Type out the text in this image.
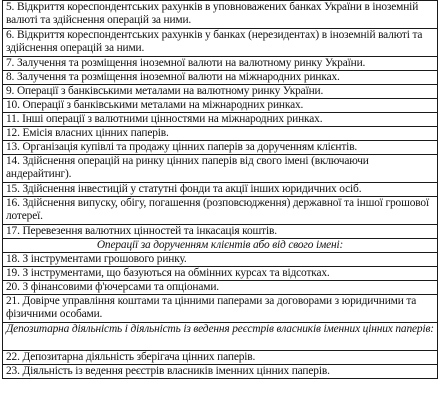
5. Відкриття кореспондентських рахунків в уповноважених банках України в іноземній валюті та здійснення операцій за ними.
6. Відкриття кореспондентських рахунків у банках (нерезидентах) в іноземній валюті та здійснення операцій за ними.
7. Залучення та розміщення іноземної валюти на валютному ринку України.
8. Залучення та розміщення іноземної валюти на міжнародних ринках.
9. Операції з банківськими металами на валютному ринку України.
10. Операції з банківськими металами на міжнародних ринках.
11. Інші операції з валютними цінностями на міжнародних ринках.
12. Емісія власних цінних паперів.
13. Організація купівлі та продажу цінних паперів за дорученням клієнтів.
14. Здійснення операцій на ринку цінних паперів від свого імені (включаючи андерайтинг).
15. Здійснення інвестицій у статутні фонди та акції інших юридичних осіб.
16. Здійснення випуску, обігу, погашення (розповсюдження) державної та іншої грошової лотереї.
17. Перевезення валютних цінностей та інкасація коштів.
Операції за дорученням клієнтів або від свого імені:
18. З інструментами грошового ринку.
19. З інструментами, що базуються на обмінних курсах та відсотках.
20. З фінансовими ф'ючерсами та опціонами.
21. Довірче управління коштами та цінними паперами за договорами з юридичними та фізичними особами.
Депозитарна діяльність і діяльність із ведення реєстрів власників іменних цінних паперів:
22. Депозитарна діяльність зберігача цінних паперів.
23. Діяльність із ведення реєстрів власників іменних цінних паперів.
